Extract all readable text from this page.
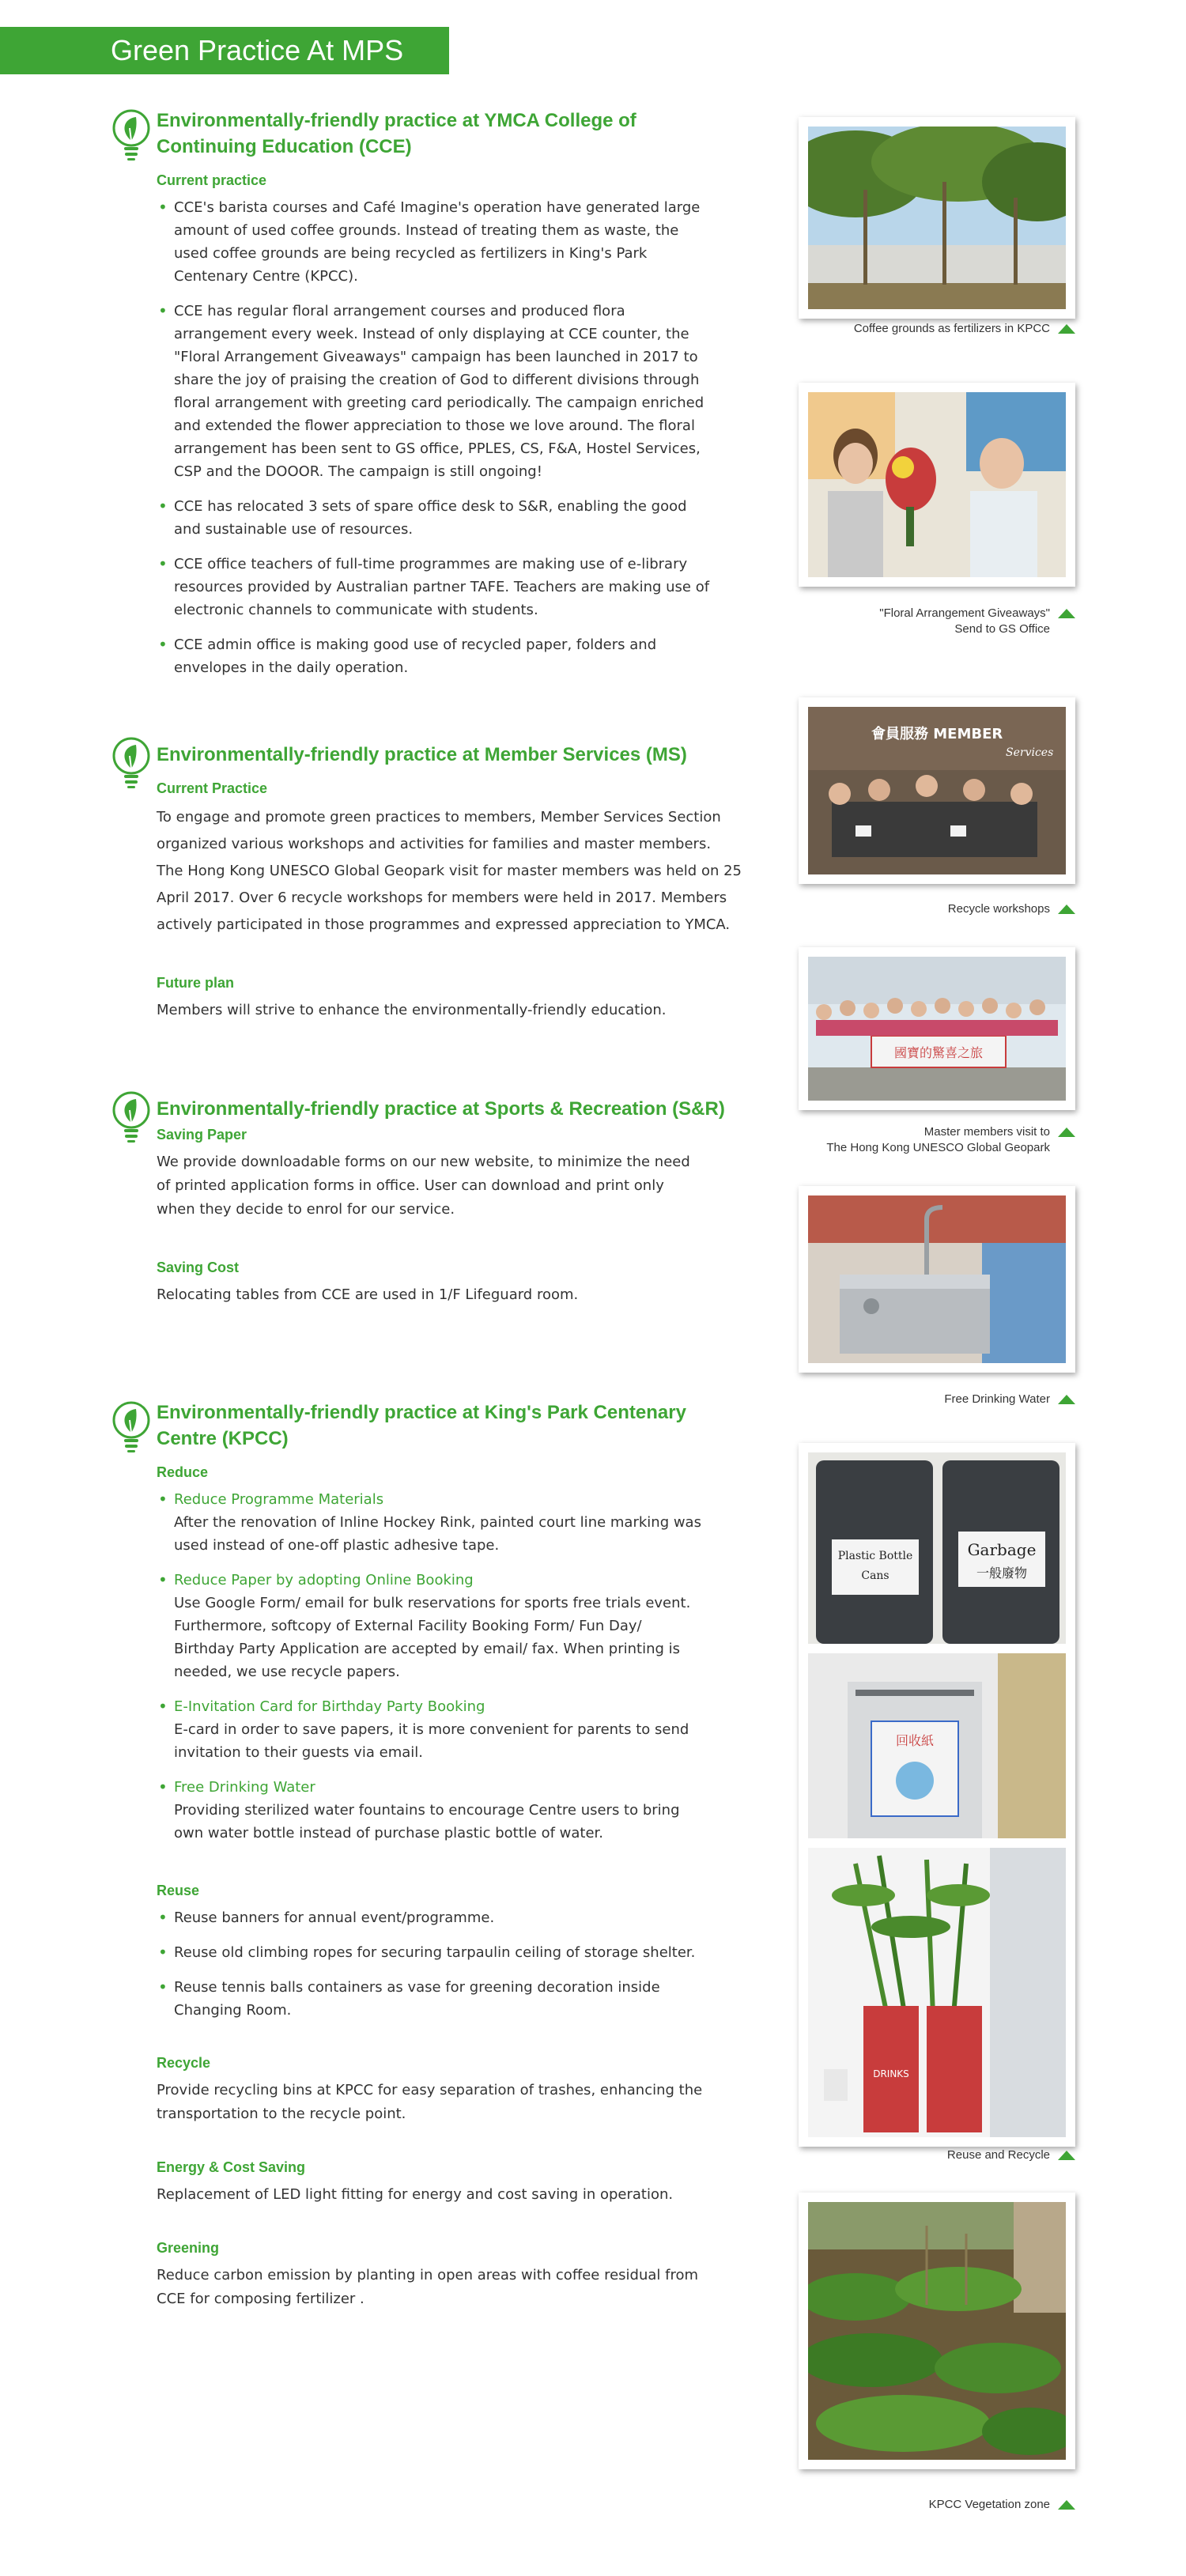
Green Practice At MPS
Environmentally-friendly practice at YMCA College of Continuing Education (CCE)
Current practice
• CCE's barista courses and Café Imagine's operation have generated large amount of used coffee grounds. Instead of treating them as waste, the used coffee grounds are being recycled as fertilizers in King's Park Centenary Centre (KPCC).
• CCE has regular floral arrangement courses and produced flora arrangement every week. Instead of only displaying at CCE counter, the "Floral Arrangement Giveaways" campaign has been launched in 2017 to share the joy of praising the creation of God to different divisions through floral arrangement with greeting card periodically. The campaign enriched and extended the flower appreciation to those we love around. The floral arrangement has been sent to GS office, PPLES, CS, F&A, Hostel Services, CSP and the DOOOR. The campaign is still ongoing!
• CCE has relocated 3 sets of spare office desk to S&R, enabling the good and sustainable use of resources.
• CCE office teachers of full-time programmes are making use of e-library resources provided by Australian partner TAFE. Teachers are making use of electronic channels to communicate with students.
• CCE admin office is making good use of recycled paper, folders and envelopes in the daily operation.
Environmentally-friendly practice at Member Services (MS)
Current Practice
To engage and promote green practices to members, Member Services Section organized various workshops and activities for families and master members. The Hong Kong UNESCO Global Geopark visit for master members was held on 25 April 2017. Over 6 recycle workshops for members were held in 2017. Members actively participated in those programmes and expressed appreciation to YMCA.
Future plan
Members will strive to enhance the environmentally-friendly education.
Environmentally-friendly practice at Sports & Recreation (S&R)
Saving Paper
We provide downloadable forms on our new website, to minimize the need of printed application forms in office. User can download and print only when they decide to enrol for our service.
Saving Cost
Relocating tables from CCE are used in 1/F Lifeguard room.
Environmentally-friendly practice at King's Park Centenary Centre (KPCC)
Reduce
• Reduce Programme Materials
After the renovation of Inline Hockey Rink, painted court line marking was used instead of one-off plastic adhesive tape.
• Reduce Paper by adopting Online Booking
Use Google Form/ email for bulk reservations for sports free trials event. Furthermore, softcopy of External Facility Booking Form/ Fun Day/ Birthday Party Application are accepted by email/ fax. When printing is needed, we use recycle papers.
• E-Invitation Card for Birthday Party Booking
E-card in order to save papers, it is more convenient for parents to send invitation to their guests via email.
• Free Drinking Water
Providing sterilized water fountains to encourage Centre users to bring own water bottle instead of purchase plastic bottle of water.
Reuse
• Reuse banners for annual event/programme.
• Reuse old climbing ropes for securing tarpaulin ceiling of storage shelter.
• Reuse tennis balls containers as vase for greening decoration inside Changing Room.
Recycle
Provide recycling bins at KPCC for easy separation of trashes, enhancing the transportation to the recycle point.
Energy & Cost Saving
Replacement of LED light fitting for energy and cost saving in operation.
Greening
Reduce carbon emission by planting in open areas with coffee residual from CCE for composing fertilizer .
Coffee grounds as fertilizers in KPCC
"Floral Arrangement Giveaways"
Send to GS Office
會員服務 MEMBER
Services
Recycle workshops
國寶的驚喜之旅
Master members visit to
The Hong Kong UNESCO Global Geopark
Free Drinking Water
Plastic Bottle
Cans
Garbage
一般廢物
回收紙
DRINKS
Reuse and Recycle
KPCC Vegetation zone
